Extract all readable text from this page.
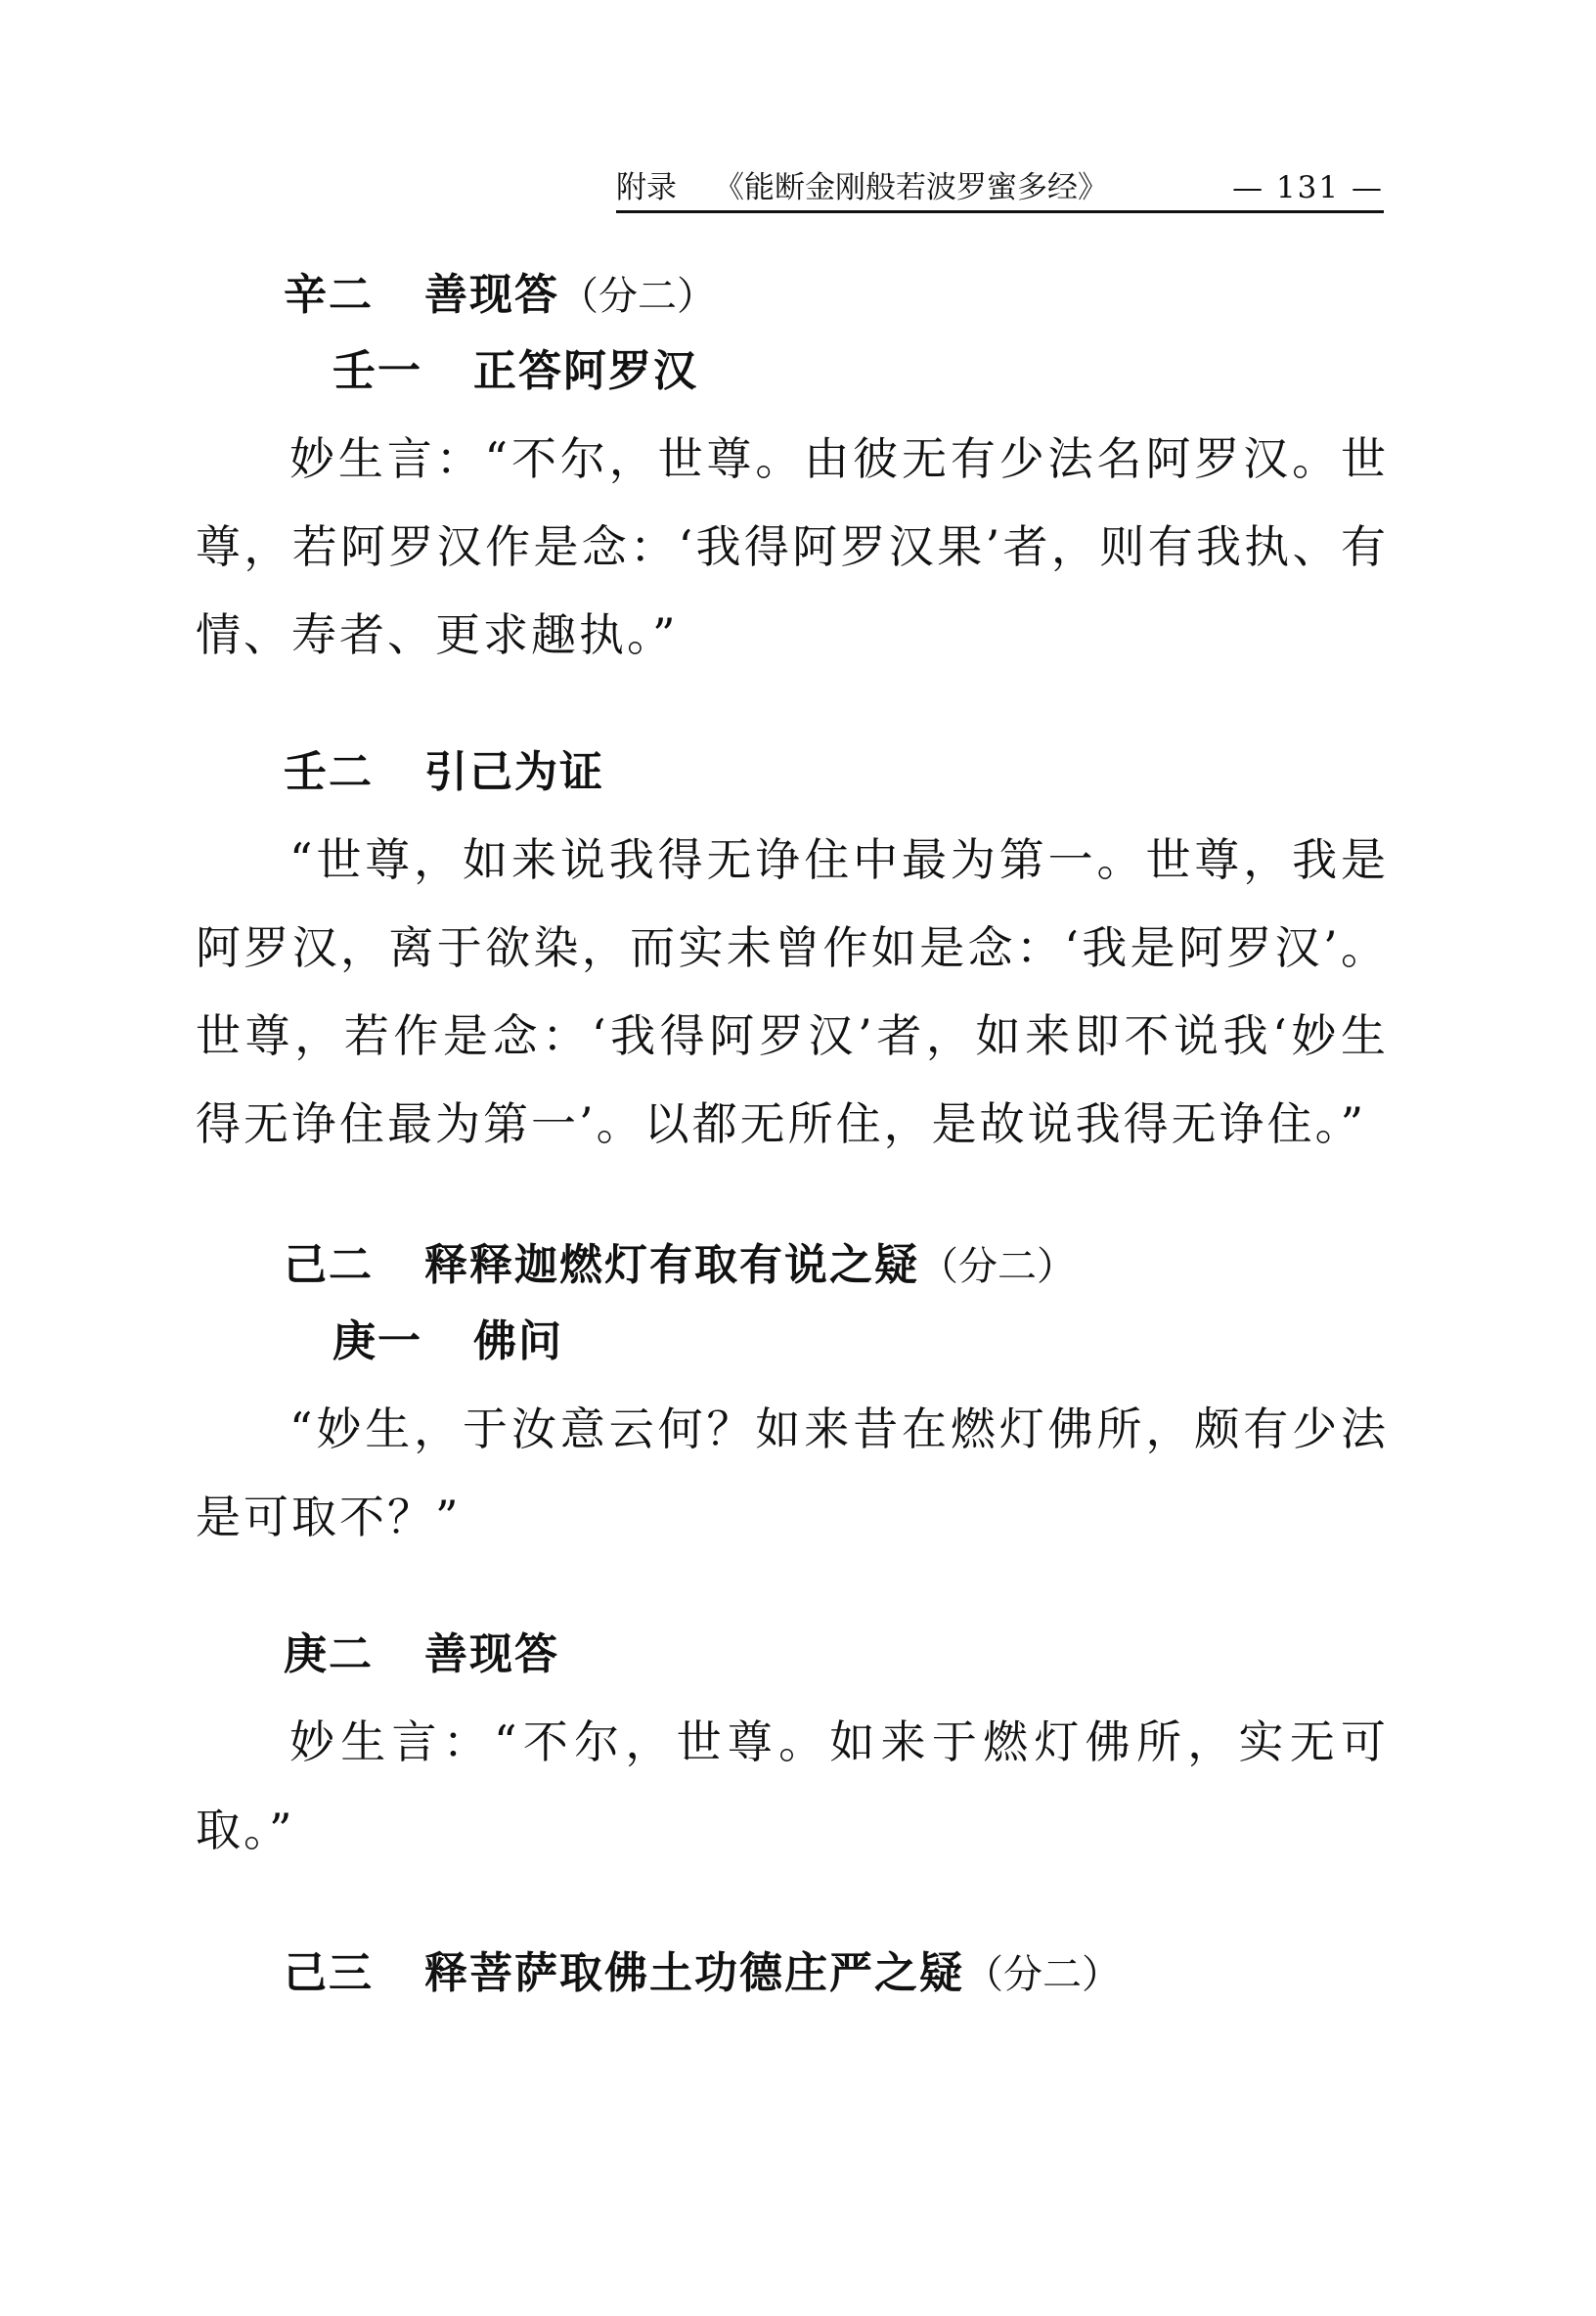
附录 《能断金刚般若波罗蜜多经》	— 131 —
辛二 善现答（分二）
壬一 正答阿罗汉

妙生言：“不尔，世尊。由彼无有少法名阿罗汉。世尊，若阿罗汉作是念：‘我得阿罗汉果’者，则有我执、有情、寿者、更求趣执。”

壬二 引己为证

“世尊，如来说我得无诤住中最为第一。世尊，我是阿罗汉，离于欲染，而实未曾作如是念：‘我是阿罗汉’。世尊，若作是念：‘我得阿罗汉’者，如来即不说我‘妙生得无诤住最为第一’。以都无所住，是故说我得无诤住。”

己二 释释迦燃灯有取有说之疑（分二）
庚一 佛问

“妙生，于汝意云何？如来昔在燃灯佛所，颇有少法是可取不？”

庚二 善现答

妙生言：“不尔，世尊。如来于燃灯佛所，实无可取。”

己三 释菩萨取佛土功德庄严之疑（分二）
